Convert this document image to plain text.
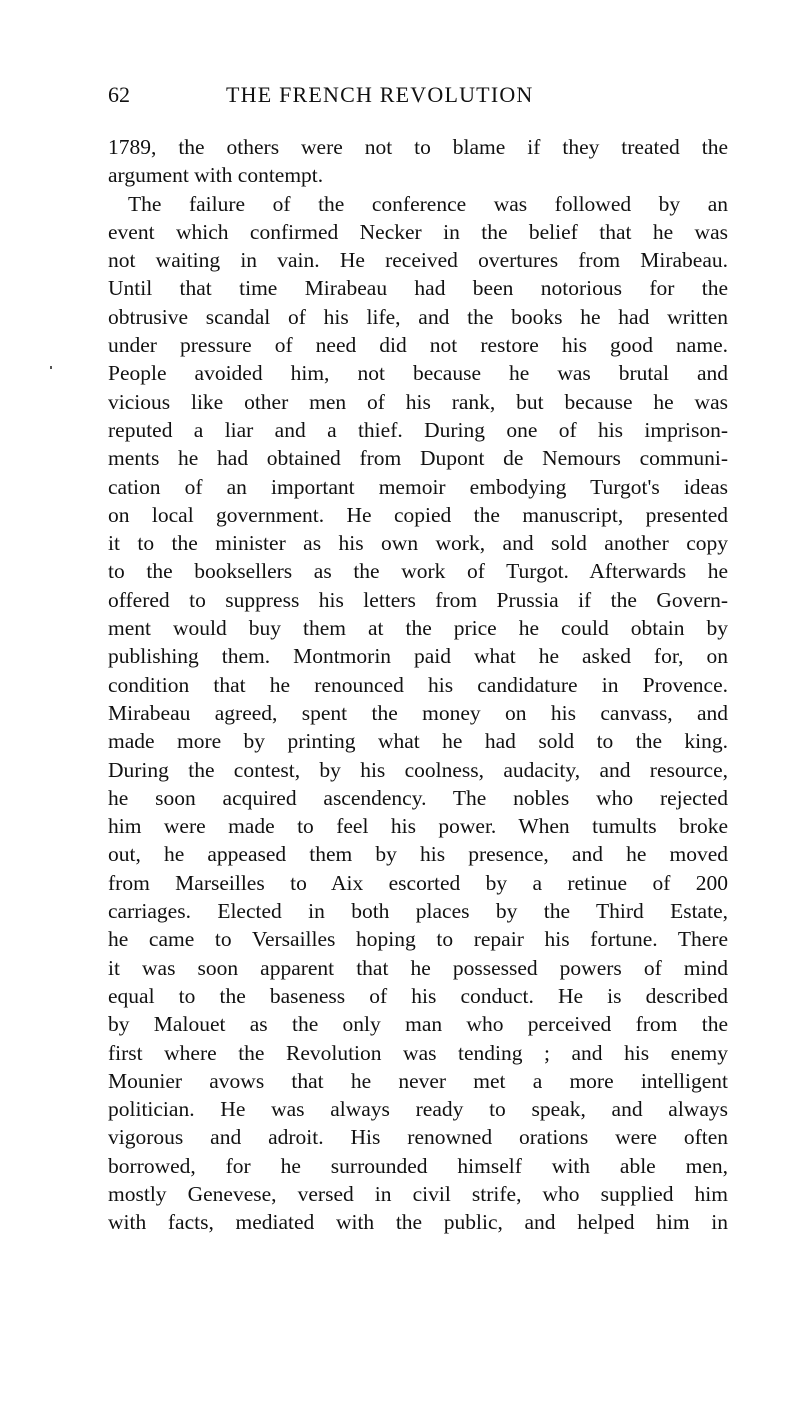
62	THE FRENCH REVOLUTION
1789, the others were not to blame if they treated the
argument with contempt.
The failure of the conference was followed by an
event which confirmed Necker in the belief that he was
not waiting in vain. He received overtures from Mirabeau.
Until that time Mirabeau had been notorious for the
obtrusive scandal of his life, and the books he had written
under pressure of need did not restore his good name.
People avoided him, not because he was brutal and
vicious like other men of his rank, but because he was
reputed a liar and a thief. During one of his imprison-
ments he had obtained from Dupont de Nemours communi-
cation of an important memoir embodying Turgot's ideas
on local government. He copied the manuscript, presented
it to the minister as his own work, and sold another copy
to the booksellers as the work of Turgot. Afterwards he
offered to suppress his letters from Prussia if the Govern-
ment would buy them at the price he could obtain by
publishing them. Montmorin paid what he asked for, on
condition that he renounced his candidature in Provence.
Mirabeau agreed, spent the money on his canvass, and
made more by printing what he had sold to the king.
During the contest, by his coolness, audacity, and resource,
he soon acquired ascendency. The nobles who rejected
him were made to feel his power. When tumults broke
out, he appeased them by his presence, and he moved
from Marseilles to Aix escorted by a retinue of 200
carriages. Elected in both places by the Third Estate,
he came to Versailles hoping to repair his fortune. There
it was soon apparent that he possessed powers of mind
equal to the baseness of his conduct. He is described
by Malouet as the only man who perceived from the
first where the Revolution was tending ; and his enemy
Mounier avows that he never met a more intelligent
politician. He was always ready to speak, and always
vigorous and adroit. His renowned orations were often
borrowed, for he surrounded himself with able men,
mostly Genevese, versed in civil strife, who supplied him
with facts, mediated with the public, and helped him in
